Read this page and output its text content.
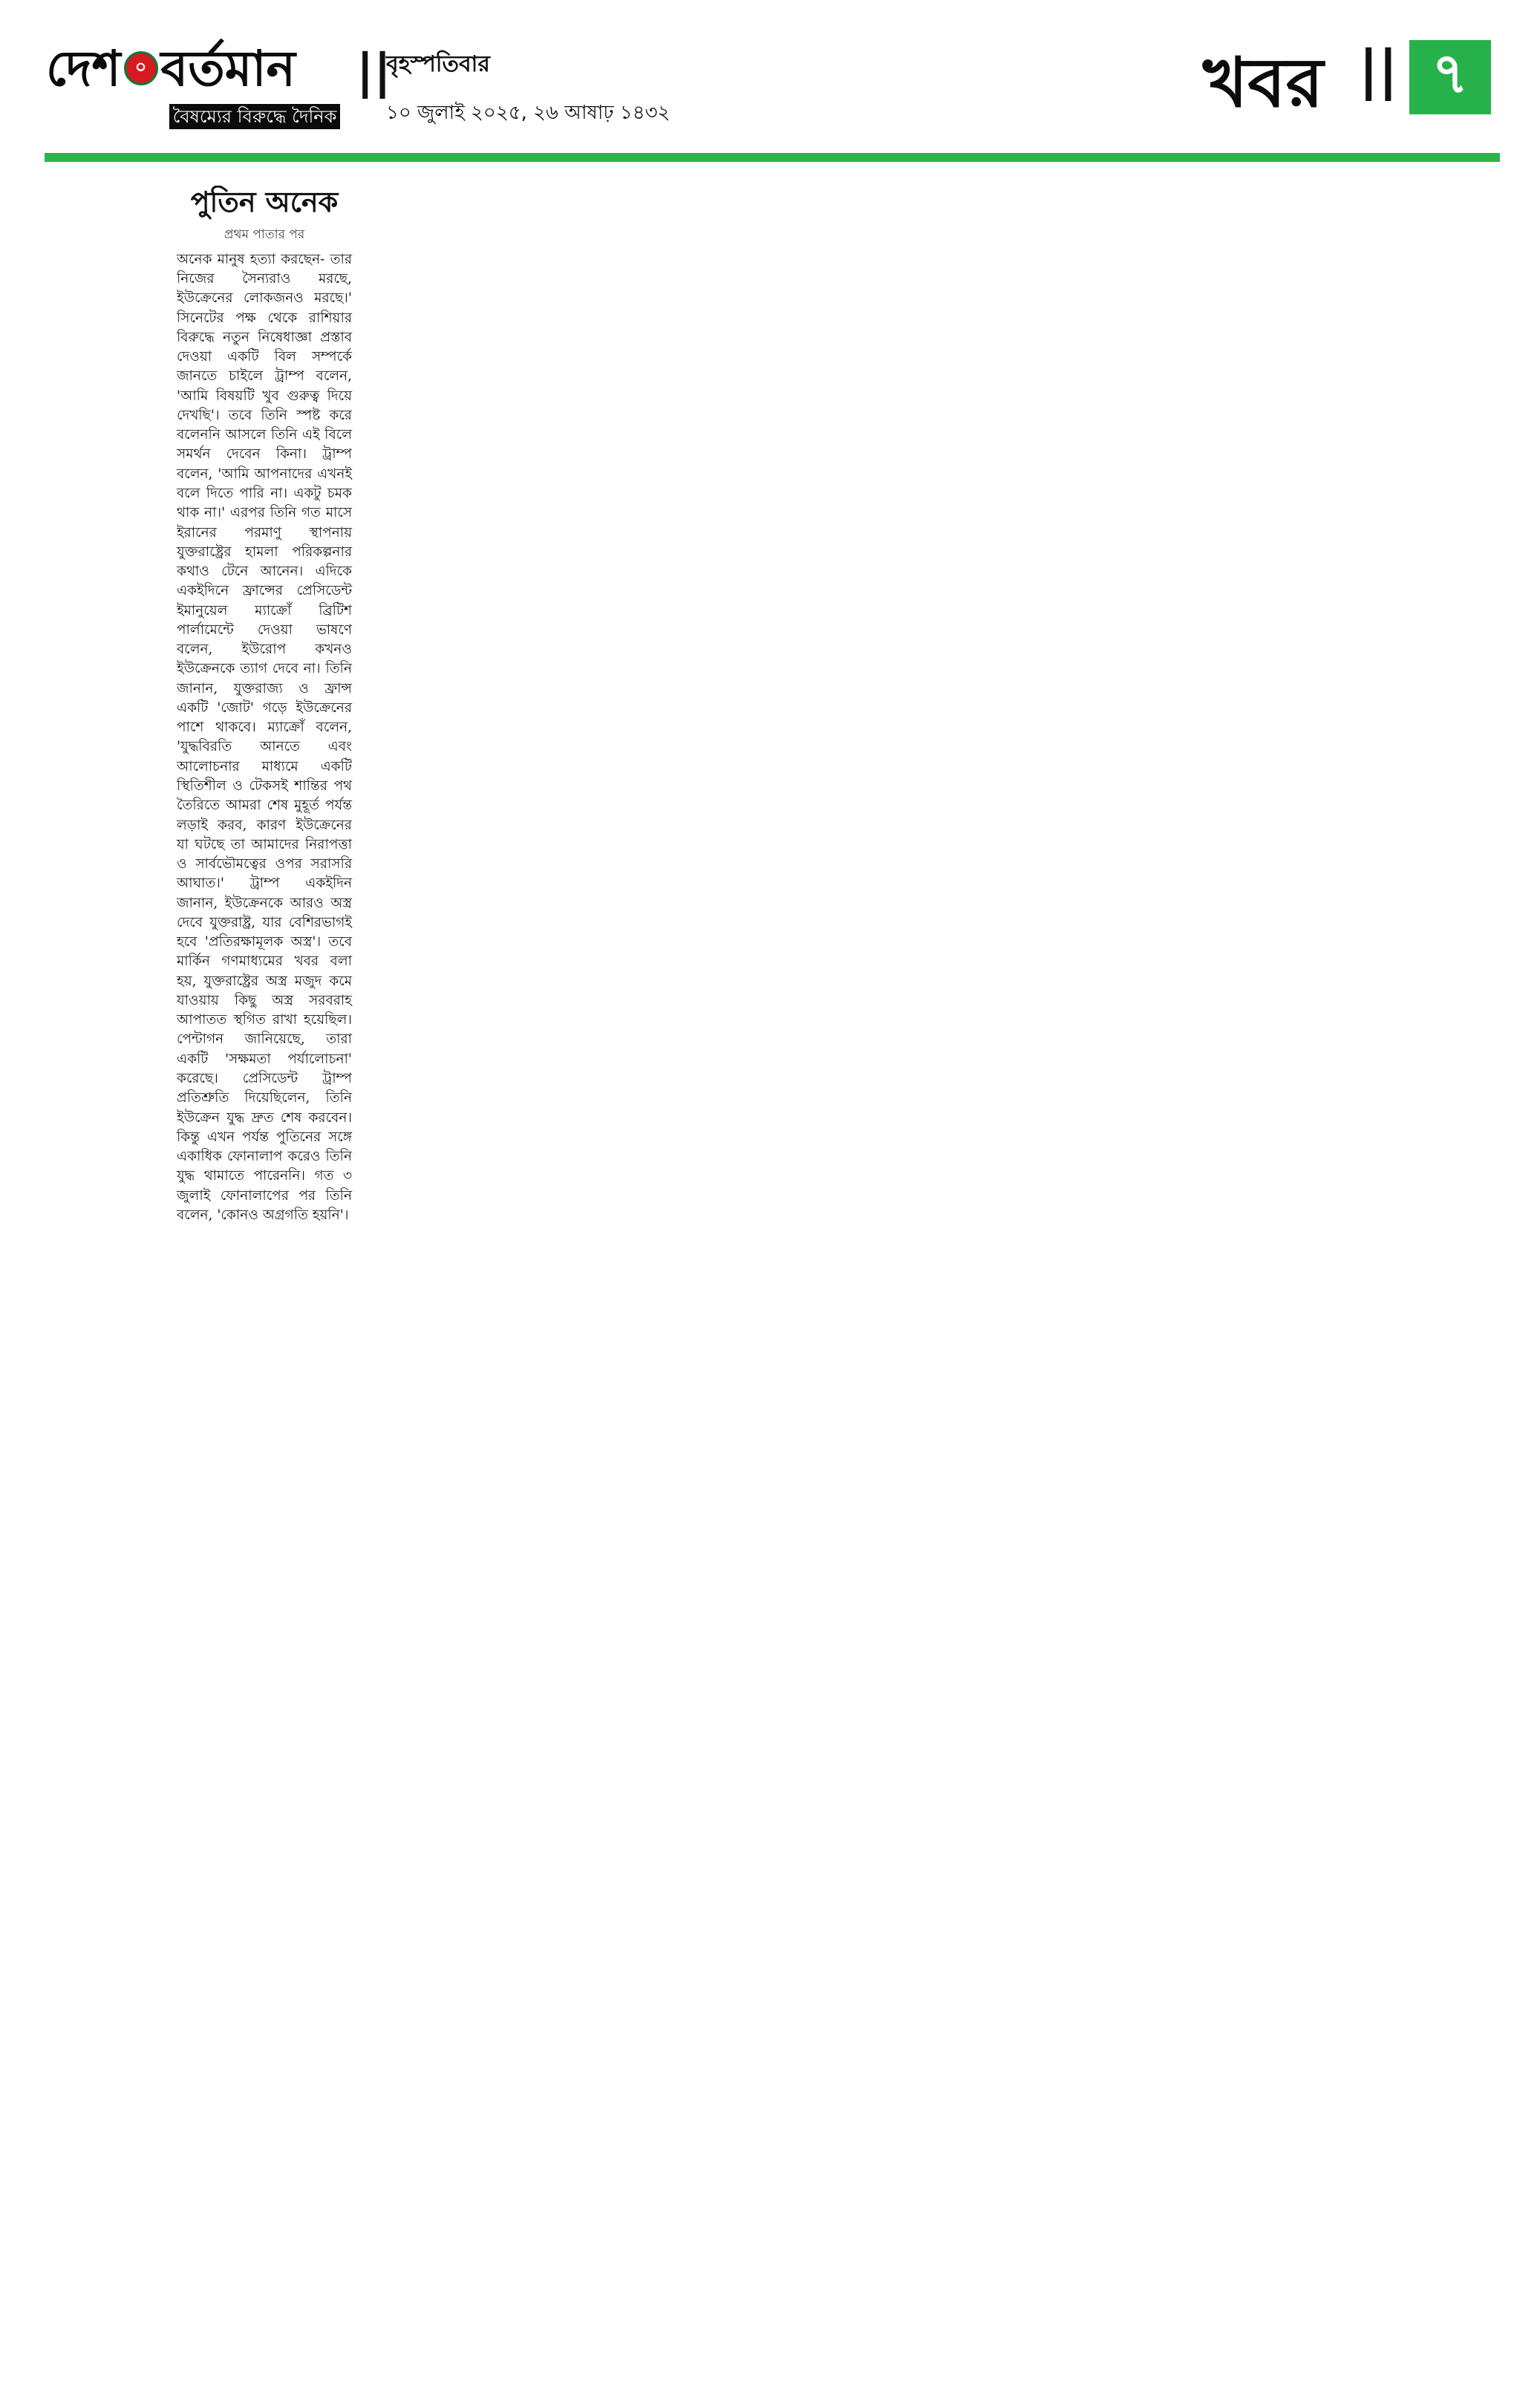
দেশ ০ বর্তমান
বৈষম্যের বিরুদ্ধে দৈনিক
||
বৃহস্পতিবার
১০ জুলাই ২০২৫, ২৬ আষাঢ় ১৪৩২	খবর || ৭
পুতিন অনেক
প্রথম পাতার পর

অনেক মানুষ হত্যা করছেন- তার নিজের সৈন্যরাও মরছে, ইউক্রেনের লোকজনও মরছে।' সিনেটের পক্ষ থেকে রাশিয়ার বিরুদ্ধে নতুন নিষেধাজ্ঞা প্রস্তাব দেওয়া একটি বিল সম্পর্কে জানতে চাইলে ট্রাম্প বলেন, 'আমি বিষয়টি খুব গুরুত্ব দিয়ে দেখছি'। তবে তিনি স্পষ্ট করে বলেননি আসলে তিনি এই বিলে সমর্থন দেবেন কিনা। ট্রাম্প বলেন, 'আমি আপনাদের এখনই বলে দিতে পারি না। একটু চমক থাক না।' এরপর তিনি গত মাসে ইরানের পরমাণু স্থাপনায় যুক্তরাষ্ট্রের হামলা পরিকল্পনার কথাও টেনে আনেন। এদিকে একইদিনে ফ্রান্সের প্রেসিডেন্ট ইমানুয়েল ম্যাক্রোঁ ব্রিটিশ পার্লামেন্টে দেওয়া ভাষণে বলেন, ইউরোপ কখনও ইউক্রেনকে ত্যাগ দেবে না। তিনি জানান, যুক্তরাজ্য ও ফ্রান্স একটি 'জোট' গড়ে ইউক্রেনের পাশে থাকবে। ম্যাক্রোঁ বলেন, 'যুদ্ধবিরতি আনতে এবং আলোচনার মাধ্যমে একটি স্থিতিশীল ও টেকসই শান্তির পথ তৈরিতে আমরা শেষ মুহূর্ত পর্যন্ত লড়াই করব, কারণ ইউক্রেনের যা ঘটছে তা আমাদের নিরাপত্তা ও সার্বভৌমত্বের ওপর সরাসরি আঘাত।' ট্রাম্প একইদিন জানান, ইউক্রেনকে আরও অস্ত্র দেবে যুক্তরাষ্ট্র, যার বেশিরভাগই হবে 'প্রতিরক্ষামূলক অস্ত্র'। তবে মার্কিন গণমাধ্যমের খবর বলা হয়, যুক্তরাষ্ট্রের অস্ত্র মজুদ কমে যাওয়ায় কিছু অস্ত্র সরবরাহ আপাতত স্থগিত রাখা হয়েছিল। পেন্টাগন জানিয়েছে, তারা একটি 'সক্ষমতা পর্যালোচনা' করেছে। প্রেসিডেন্ট ট্রাম্প প্রতিশ্রুতি দিয়েছিলেন, তিনি ইউক্রেন যুদ্ধ দ্রুত শেষ করবেন। কিন্তু এখন পর্যন্ত পুতিনের সঙ্গে একাধিক ফোনালাপ করেও তিনি যুদ্ধ থামাতে পারেননি। গত ৩ জুলাই ফোনালাপের পর তিনি বলেন, 'কোনও অগ্রগতি হয়নি'।
